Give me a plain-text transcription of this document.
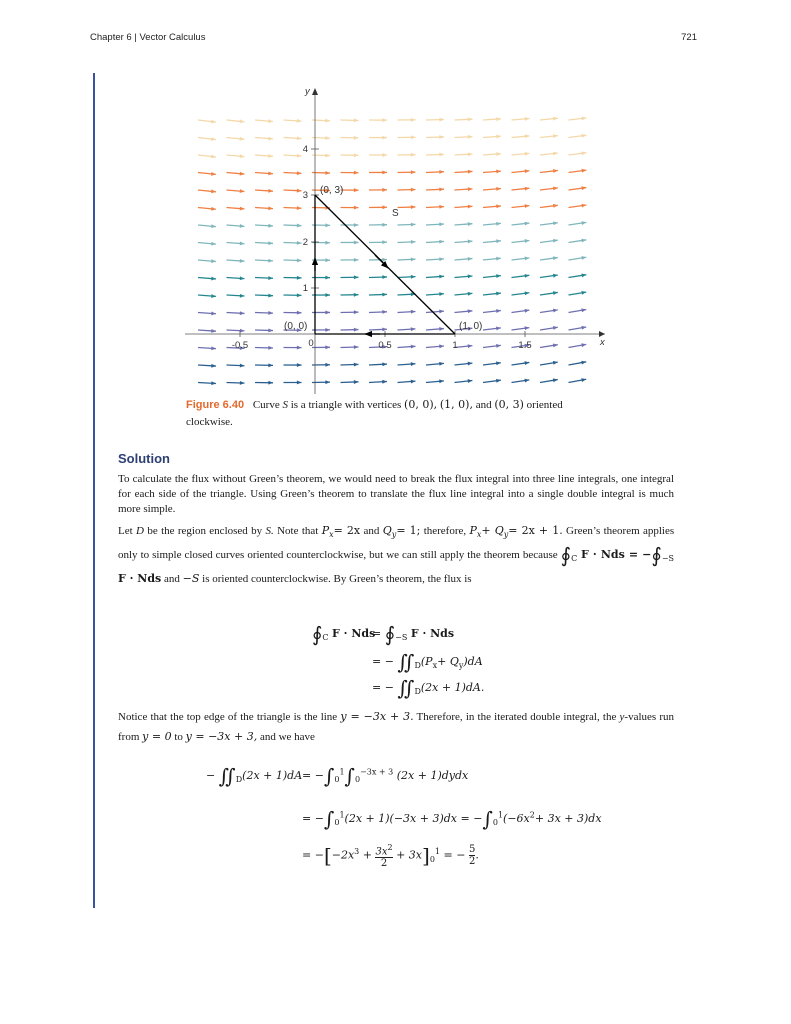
Chapter 6 | Vector Calculus	721
-0.5	0	0.5	1	1.5
1
2
3
4
x
y
(0, 3)
(0, 0)	(1, 0)
S
Figure 6.40 Curve S is a triangle with vertices (0, 0), (1, 0), and (0, 3) oriented clockwise.
Solution
To calculate the flux without Green’s theorem, we would need to break the flux integral into three line integrals, one integral for each side of the triangle. Using Green’s theorem to translate the flux line integral into a single double integral is much more simple.
Let D be the region enclosed by S. Note that $P_x= 2x$ and $Q_y= 1$; therefore, $P_x+ Q_y= 2x + 1$. Green’s theorem applies only to simple closed curves oriented counterclockwise, but we can still apply the theorem because $∮_C$ F · Nds = $-∮_{-S}$ F · Nds and −S is oriented counterclockwise. By Green’s theorem, the flux is
$∮_C$ F · Nds
= $∮_{-S}$ F · Nds
= − $∬_D(P_x+ Q_y)dA$
= − $∬_D(2x + 1)dA$.
Notice that the top edge of the triangle is the line y = −3x + 3. Therefore, in the iterated double integral, the y-values run from y = 0 to y = −3x + 3, and we have
− $∬_D(2x + 1)dA = -\int_0^1\int_0^{-3x + 3}$ (2x + 1)dydx
= $-\int_0^1(2x + 1)(-3x + 3)dx = -\int_0^1(-6x^2+ 3x + 3)dx$
= $-[-2x^3 + \frac{3x^2}{2} + 3x]_0^1$ = − $\frac{5}{2}$ .
